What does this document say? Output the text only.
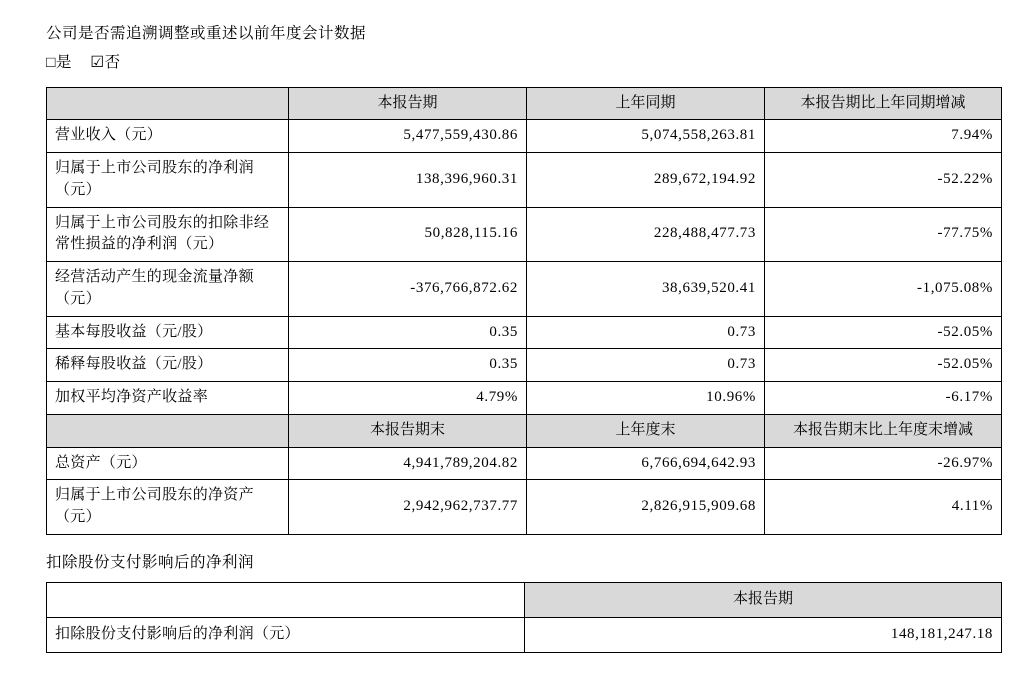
公司是否需追溯调整或重述以前年度会计数据

□是 ☑否

	本报告期	上年同期	本报告期比上年同期增减
营业收入（元）	5,477,559,430.86	5,074,558,263.81	7.94%
归属于上市公司股东的净利润（元）	138,396,960.31	289,672,194.92	-52.22%
归属于上市公司股东的扣除非经常性损益的净利润（元）	50,828,115.16	228,488,477.73	-77.75%
经营活动产生的现金流量净额（元）	-376,766,872.62	38,639,520.41	-1,075.08%
基本每股收益（元/股）	0.35	0.73	-52.05%
稀释每股收益（元/股）	0.35	0.73	-52.05%
加权平均净资产收益率	4.79%	10.96%	-6.17%
	本报告期末	上年度末	本报告期末比上年度末增减
总资产（元）	4,941,789,204.82	6,766,694,642.93	-26.97%
归属于上市公司股东的净资产（元）	2,942,962,737.77	2,826,915,909.68	4.11%

扣除股份支付影响后的净利润

	本报告期
扣除股份支付影响后的净利润（元）	148,181,247.18
